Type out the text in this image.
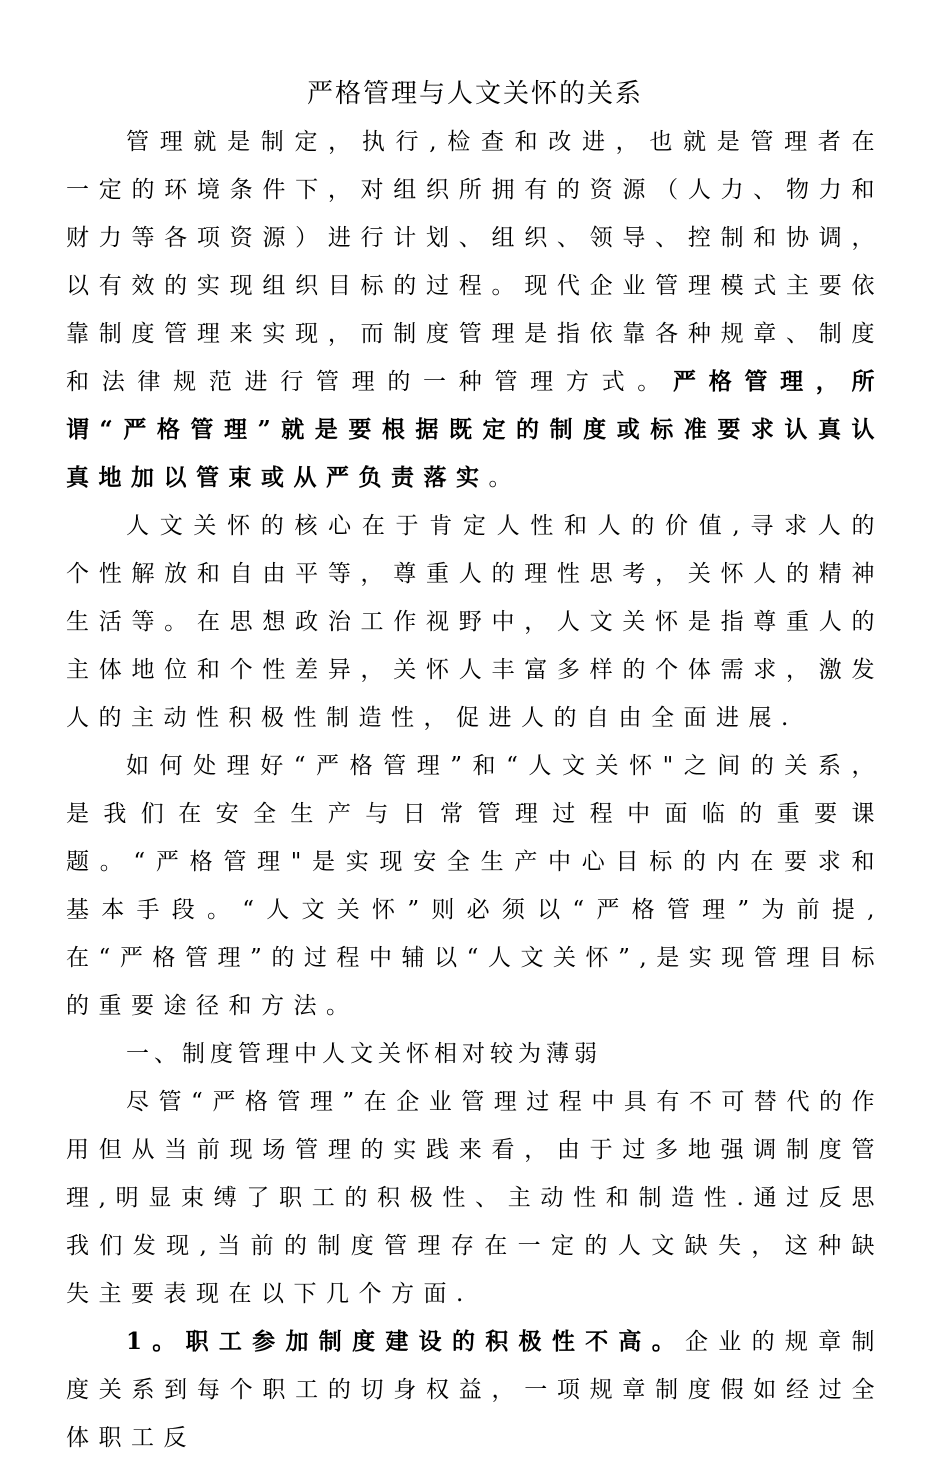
严格管理与人文关怀的关系

管理就是制定，执行,检查和改进，也就是管理者在一定的环境条件下，对组织所拥有的资源（人力、物力和财力等各项资源）进行计划、组织、领导、控制和协调，以有效的实现组织目标的过程。现代企业管理模式主要依靠制度管理来实现，而制度管理是指依靠各种规章、制度和法律规范进行管理的一种管理方式。严格管理，所谓“严格管理”就是要根据既定的制度或标准要求认真认真地加以管束或从严负责落实。

人文关怀的核心在于肯定人性和人的价值,寻求人的个性解放和自由平等，尊重人的理性思考，关怀人的精神生活等。在思想政治工作视野中，人文关怀是指尊重人的主体地位和个性差异，关怀人丰富多样的个体需求，激发人的主动性积极性制造性，促进人的自由全面进展.

如何处理好“严格管理”和“人文关怀"之间的关系，是我们在安全生产与日常管理过程中面临的重要课题。“严格管理"是实现安全生产中心目标的内在要求和基本手段。“人文关怀”则必须以“严格管理”为前提,在“严格管理”的过程中辅以“人文关怀”,是实现管理目标的重要途径和方法。

一、制度管理中人文关怀相对较为薄弱

尽管“严格管理”在企业管理过程中具有不可替代的作用但从当前现场管理的实践来看，由于过多地强调制度管理,明显束缚了职工的积极性、主动性和制造性.通过反思我们发现,当前的制度管理存在一定的人文缺失，这种缺失主要表现在以下几个方面.

1。职工参加制度建设的积极性不高。企业的规章制度关系到每个职工的切身权益，一项规章制度假如经过全体职工反
